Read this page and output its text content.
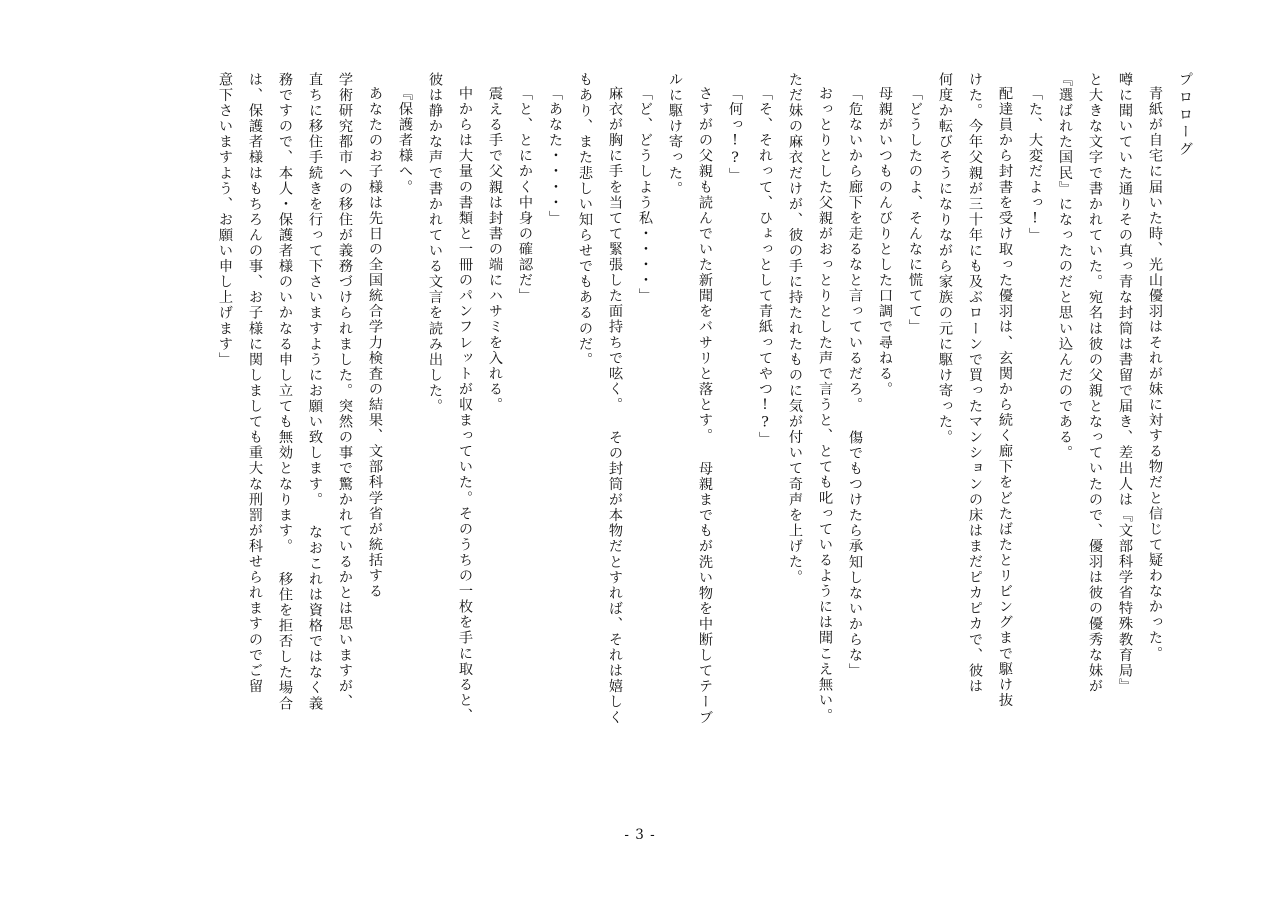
プロローグ
青紙が自宅に届いた時、光山優羽はそれが妹に対する物だと信じて疑わなかった。
噂に聞いていた通りその真っ青な封筒は書留で届き、差出人は『文部科学省特殊教育局』
と大きな文字で書かれていた。宛名は彼の父親となっていたので、優羽は彼の優秀な妹が
『選ばれた国民』になったのだと思い込んだのである。
「た、大変だよっ!」
配達員から封書を受け取った優羽は、玄関から続く廊下をどたばたとリビングまで駆け抜
けた。今年父親が三十年にも及ぶローンで買ったマンションの床はまだピカピカで、彼は
何度か転びそうになりながら家族の元に駆け寄った。
「どうしたのよ、そんなに慌てて」
母親がいつものんびりとした口調で尋ねる。
「危ないから廊下を走るなと言っているだろ。 傷でもつけたら承知しないからな」
おっとりとした父親がおっとりとした声で言うと、とても叱っているようには聞こえ無い。
ただ妹の麻衣だけが、彼の手に持たれたものに気が付いて奇声を上げた。
「そ、それって、ひょっとして青紙ってやつ!?」
「何っ!?」
さすがの父親も読んでいた新聞をバサリと落とす。 母親までもが洗い物を中断してテーブ
ルに駆け寄った。
「ど、どうしよう私・・・・」
麻衣が胸に手を当てて緊張した面持ちで呟く。 その封筒が本物だとすれば、それは嬉しく
もあり、また悲しい知らせでもあるのだ。
「あなた・・・・」
「と、とにかく中身の確認だ」
震える手で父親は封書の端にハサミを入れる。
中からは大量の書類と一冊のパンフレットが収まっていた。そのうちの一枚を手に取ると、
彼は静かな声で書かれている文言を読み出した。
『保護者様へ。
あなたのお子様は先日の全国統合学力検査の結果、文部科学省が統括する
学術研究都市への移住が義務づけられました。突然の事で驚かれているかとは思いますが、
直ちに移住手続きを行って下さいますようにお願い致します。 なおこれは資格ではなく義
務ですので、本人・保護者様のいかなる申し立ても無効となります。 移住を拒否した場合
は、保護者様はもちろんの事、お子様に関しましても重大な刑罰が科せられますのでご留
意下さいますよう、お願い申し上げます」
- 3 -
